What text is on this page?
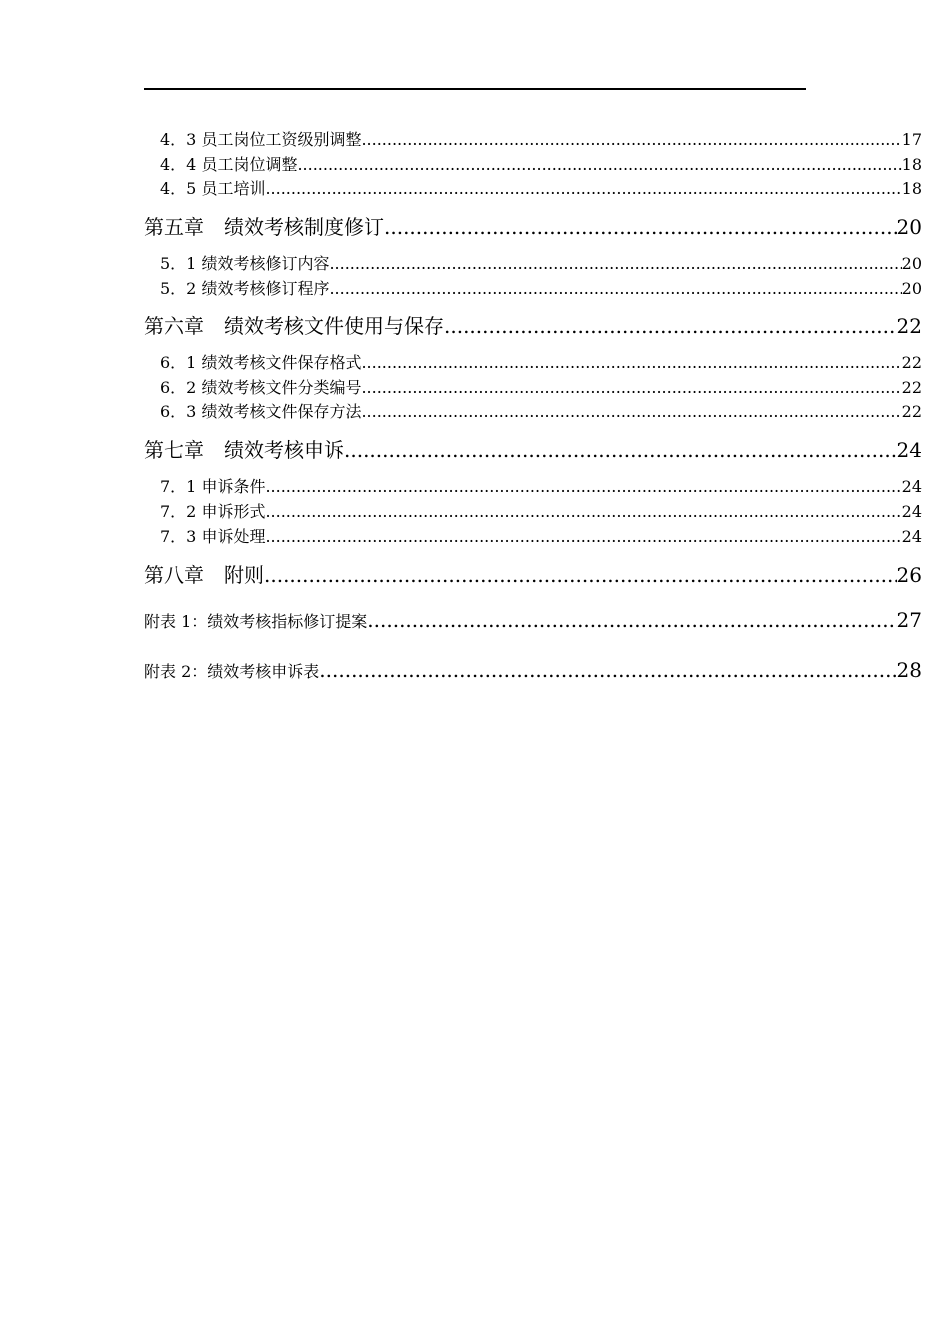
4．3 员工岗位工资级别调整 .....	17
4．4 员工岗位调整 .....	18
4．5 员工培训 .....	18
第五章　绩效考核制度修订 .....	20
5．1 绩效考核修订内容 .....	20
5．2 绩效考核修订程序 .....	20
第六章　绩效考核文件使用与保存 .....	22
6．1 绩效考核文件保存格式 .....	22
6．2 绩效考核文件分类编号 .....	22
6．3 绩效考核文件保存方法 .....	22
第七章　绩效考核申诉 .....	24
7．1 申诉条件 .....	24
7．2 申诉形式 .....	24
7．3 申诉处理 .....	24
第八章　附则 .....	26
附表 1：绩效考核指标修订提案 .....	27
附表 2：绩效考核申诉表 .....	28
